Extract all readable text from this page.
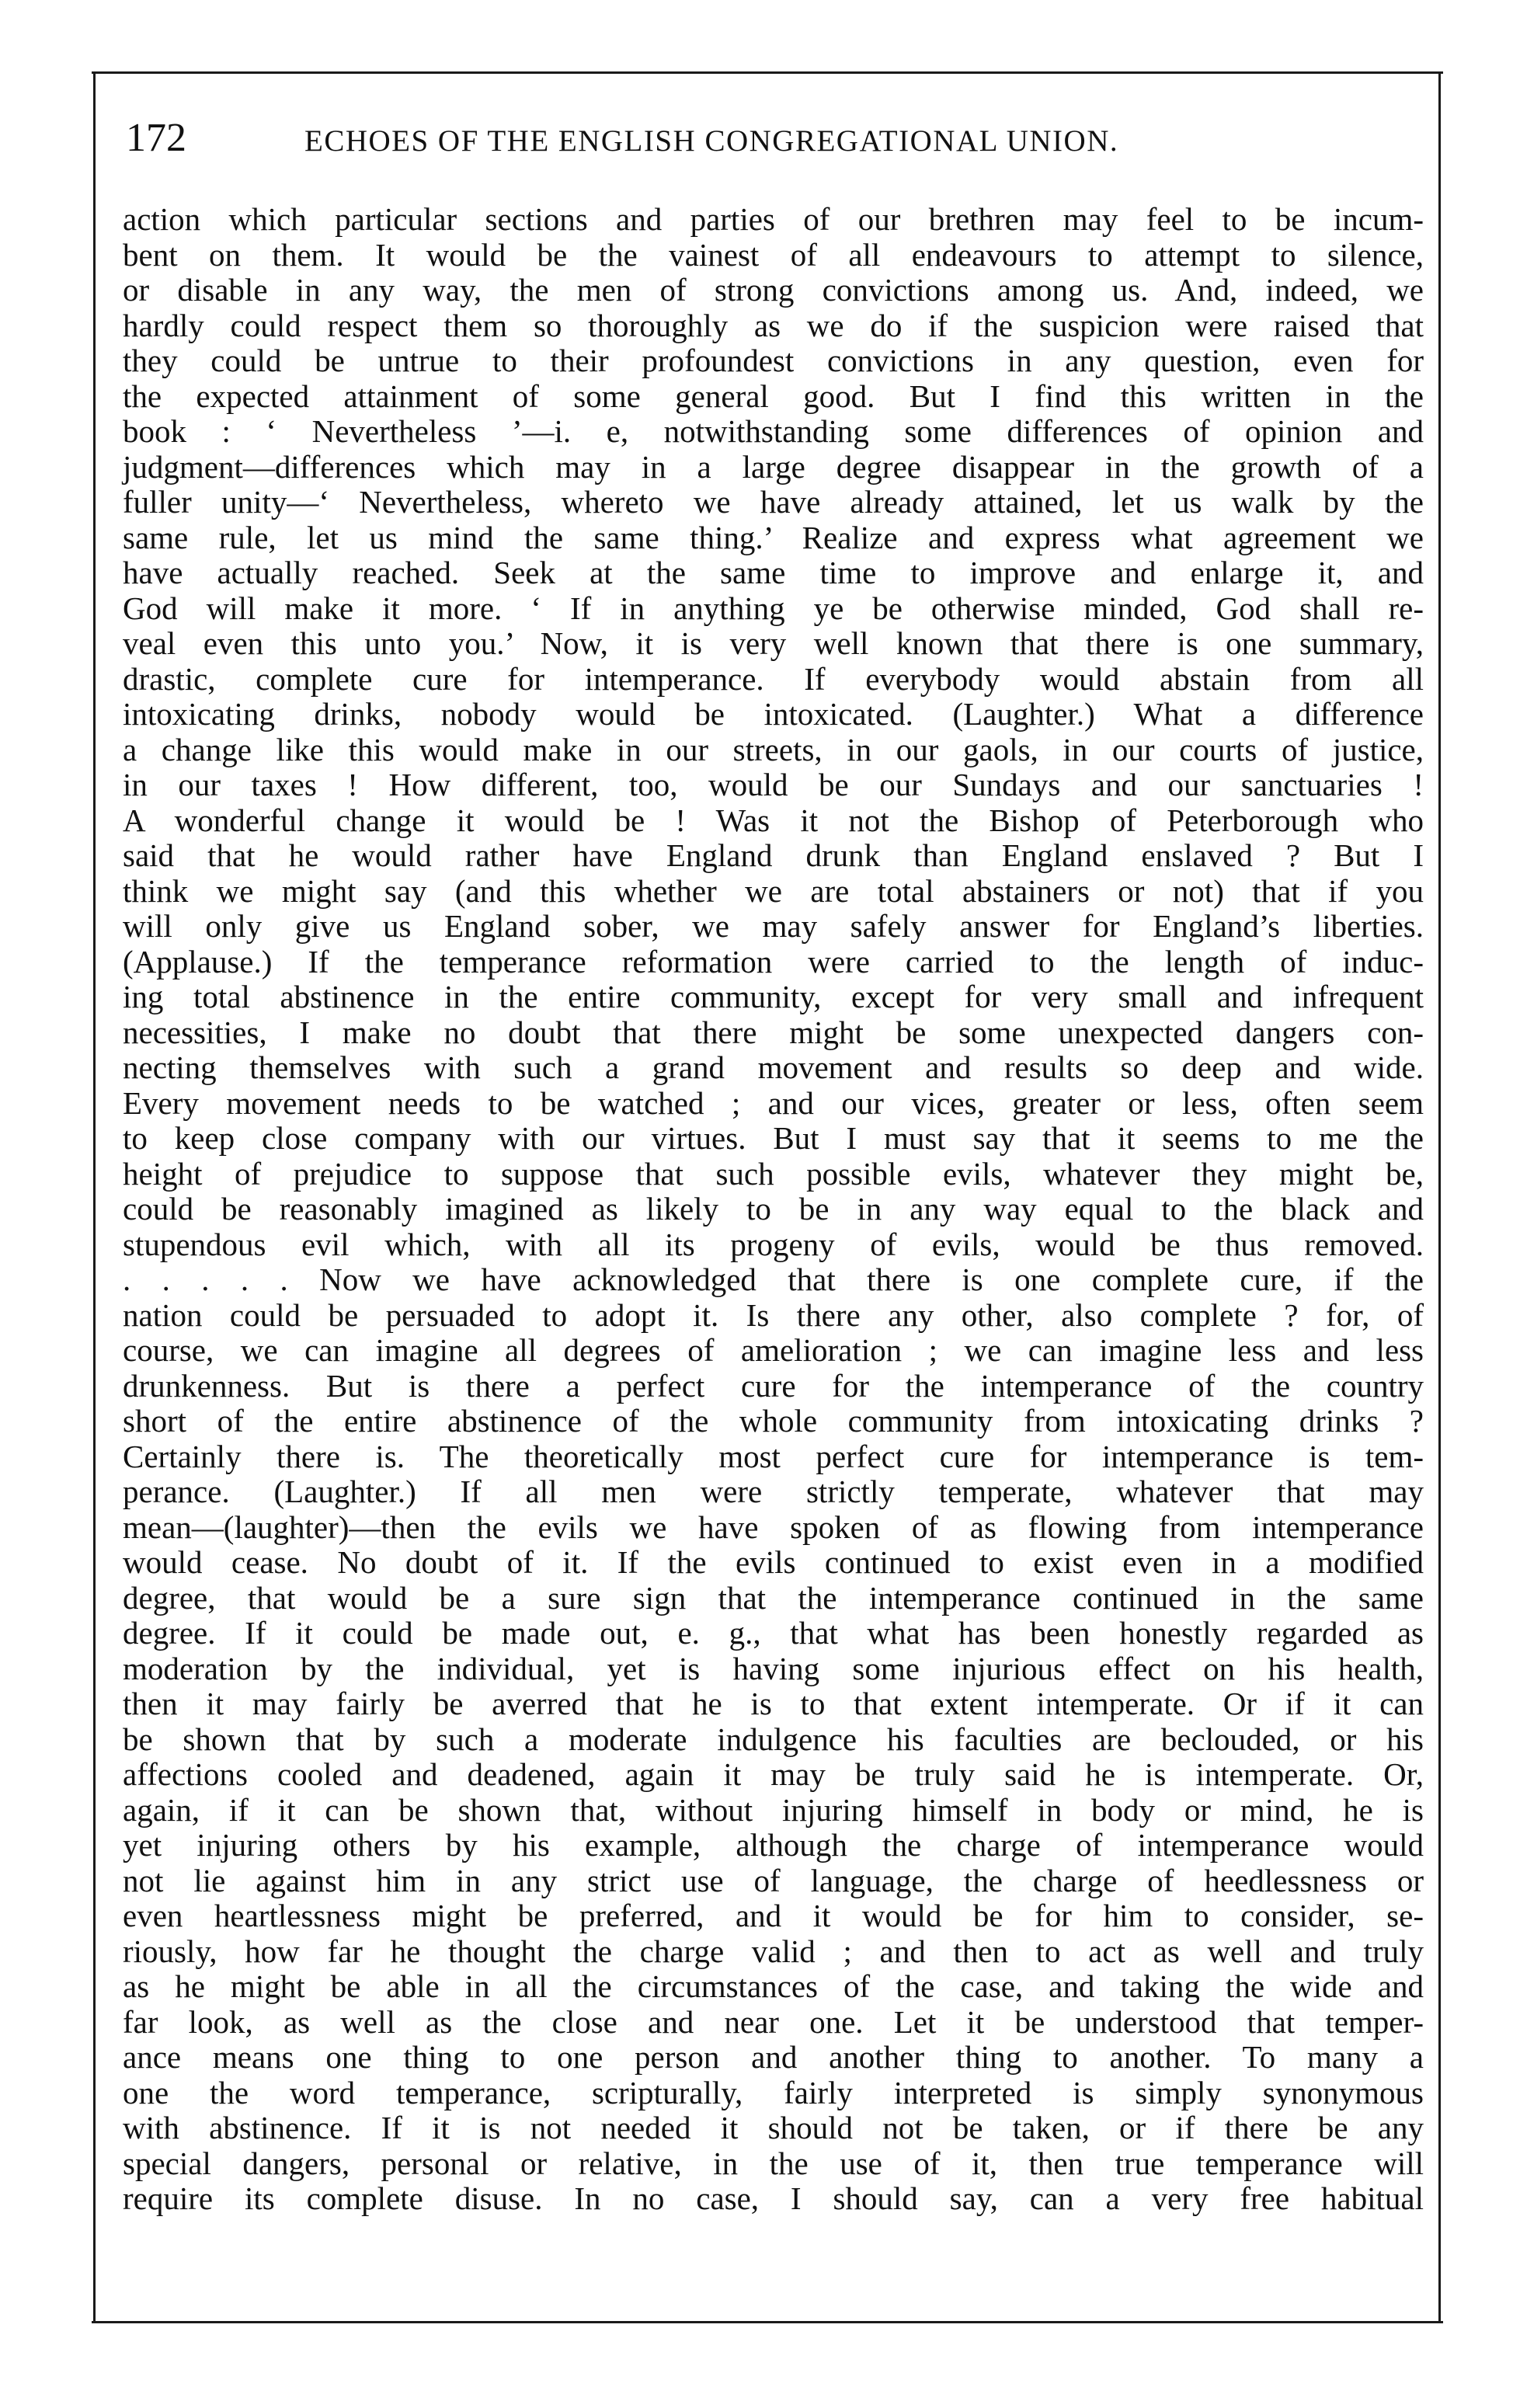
172	ECHOES OF THE ENGLISH CONGREGATIONAL UNION.
action which particular sections and parties of our brethren may feel to be incum-
bent on them. It would be the vainest of all endeavours to attempt to silence,
or disable in any way, the men of strong convictions among us. And, indeed, we
hardly could respect them so thoroughly as we do if the suspicion were raised that
they could be untrue to their profoundest convictions in any question, even for
the expected attainment of some general good. But I find this written in the
book : ‘ Nevertheless ’—i. e, notwithstanding some differences of opinion and
judgment—differences which may in a large degree disappear in the growth of a
fuller unity—‘ Nevertheless, whereto we have already attained, let us walk by the
same rule, let us mind the same thing.’ Realize and express what agreement we
have actually reached. Seek at the same time to improve and enlarge it, and
God will make it more. ‘ If in anything ye be otherwise minded, God shall re-
veal even this unto you.’ Now, it is very well known that there is one summary,
drastic, complete cure for intemperance. If everybody would abstain from all
intoxicating drinks, nobody would be intoxicated. (Laughter.) What a difference
a change like this would make in our streets, in our gaols, in our courts of justice,
in our taxes ! How different, too, would be our Sundays and our sanctuaries !
A wonderful change it would be ! Was it not the Bishop of Peterborough who
said that he would rather have England drunk than England enslaved ? But I
think we might say (and this whether we are total abstainers or not) that if you
will only give us England sober, we may safely answer for England’s liberties.
(Applause.) If the temperance reformation were carried to the length of induc-
ing total abstinence in the entire community, except for very small and infrequent
necessities, I make no doubt that there might be some unexpected dangers con-
necting themselves with such a grand movement and results so deep and wide.
Every movement needs to be watched ; and our vices, greater or less, often seem
to keep close company with our virtues. But I must say that it seems to me the
height of prejudice to suppose that such possible evils, whatever they might be,
could be reasonably imagined as likely to be in any way equal to the black and
stupendous evil which, with all its progeny of evils, would be thus removed.
. . . . . Now we have acknowledged that there is one complete cure, if the
nation could be persuaded to adopt it. Is there any other, also complete ? for, of
course, we can imagine all degrees of amelioration ; we can imagine less and less
drunkenness. But is there a perfect cure for the intemperance of the country
short of the entire abstinence of the whole community from intoxicating drinks ?
Certainly there is. The theoretically most perfect cure for intemperance is tem-
perance. (Laughter.) If all men were strictly temperate, whatever that may
mean—(laughter)—then the evils we have spoken of as flowing from intemperance
would cease. No doubt of it. If the evils continued to exist even in a modified
degree, that would be a sure sign that the intemperance continued in the same
degree. If it could be made out, e. g., that what has been honestly regarded as
moderation by the individual, yet is having some injurious effect on his health,
then it may fairly be averred that he is to that extent intemperate. Or if it can
be shown that by such a moderate indulgence his faculties are beclouded, or his
affections cooled and deadened, again it may be truly said he is intemperate. Or,
again, if it can be shown that, without injuring himself in body or mind, he is
yet injuring others by his example, although the charge of intemperance would
not lie against him in any strict use of language, the charge of heedlessness or
even heartlessness might be preferred, and it would be for him to consider, se-
riously, how far he thought the charge valid ; and then to act as well and truly
as he might be able in all the circumstances of the case, and taking the wide and
far look, as well as the close and near one. Let it be understood that temper-
ance means one thing to one person and another thing to another. To many a
one the word temperance, scripturally, fairly interpreted is simply synonymous
with abstinence. If it is not needed it should not be taken, or if there be any
special dangers, personal or relative, in the use of it, then true temperance will
require its complete disuse. In no case, I should say, can a very free habitual
